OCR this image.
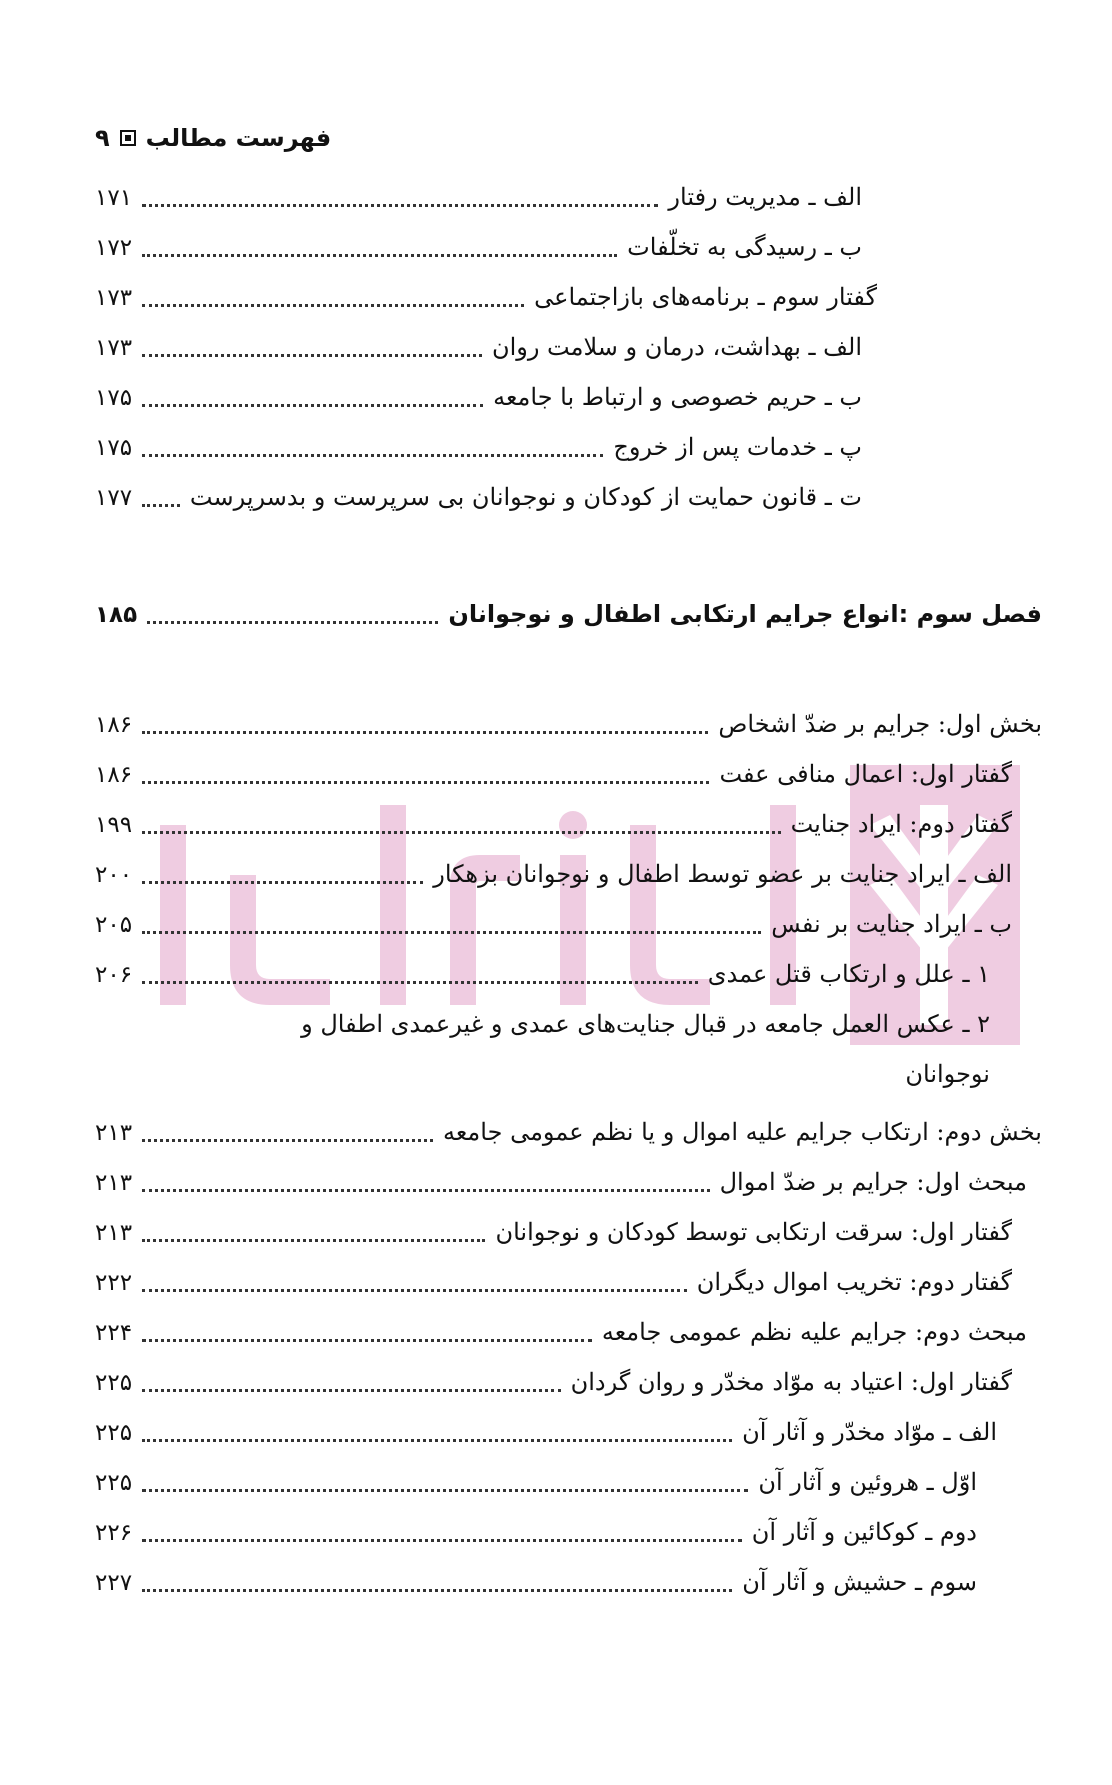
فهرست مطالب
۹
الف ـ مدیریت رفتار
۱۷۱
ب ـ رسیدگی به تخلّفات
۱۷۲
گفتار سوم ـ برنامه‌های بازاجتماعی
۱۷۳
الف ـ بهداشت، درمان و سلامت روان
۱۷۳
ب ـ حریم خصوصی و ارتباط با جامعه
۱۷۵
پ ـ خدمات پس از خروج
۱۷۵
ت ـ قانون حمایت از کودکان و نوجوانان بی سرپرست و بدسرپرست
۱۷۷
فصل سوم :انواع جرایم ارتکابی اطفال و نوجوانان
۱۸۵
بخش اول: جرایم بر ضدّ اشخاص
۱۸۶
گفتار اول: اعمال منافی عفت
۱۸۶
گفتار دوم: ایراد جنایت
۱۹۹
الف ـ ایراد جنایت بر عضو توسط اطفال و نوجوانان بزهکار
۲۰۰
ب ـ ایراد جنایت بر نفس
۲۰۵
۱ ـ علل و ارتکاب قتل عمدی
۲۰۶
۲ ـ عکس العمل جامعه در قبال جنایت‌های عمدی و غیرعمدی اطفال و
نوجوانان
بخش دوم: ارتکاب جرایم علیه اموال و یا نظم عمومی جامعه
۲۱۳
مبحث اول: جرایم بر ضدّ اموال
۲۱۳
گفتار اول: سرقت ارتکابی توسط کودکان و نوجوانان
۲۱۳
گفتار دوم: تخریب اموال دیگران
۲۲۲
مبحث دوم: جرایم علیه نظم عمومی جامعه
۲۲۴
گفتار اول: اعتیاد به موّاد مخدّر و روان گردان
۲۲۵
الف ـ موّاد مخدّر و آثار آن
۲۲۵
اوّل ـ هروئین و آثار آن
۲۲۵
دوم ـ کوکائین و آثار آن
۲۲۶
سوم ـ حشیش و آثار آن
۲۲۷
